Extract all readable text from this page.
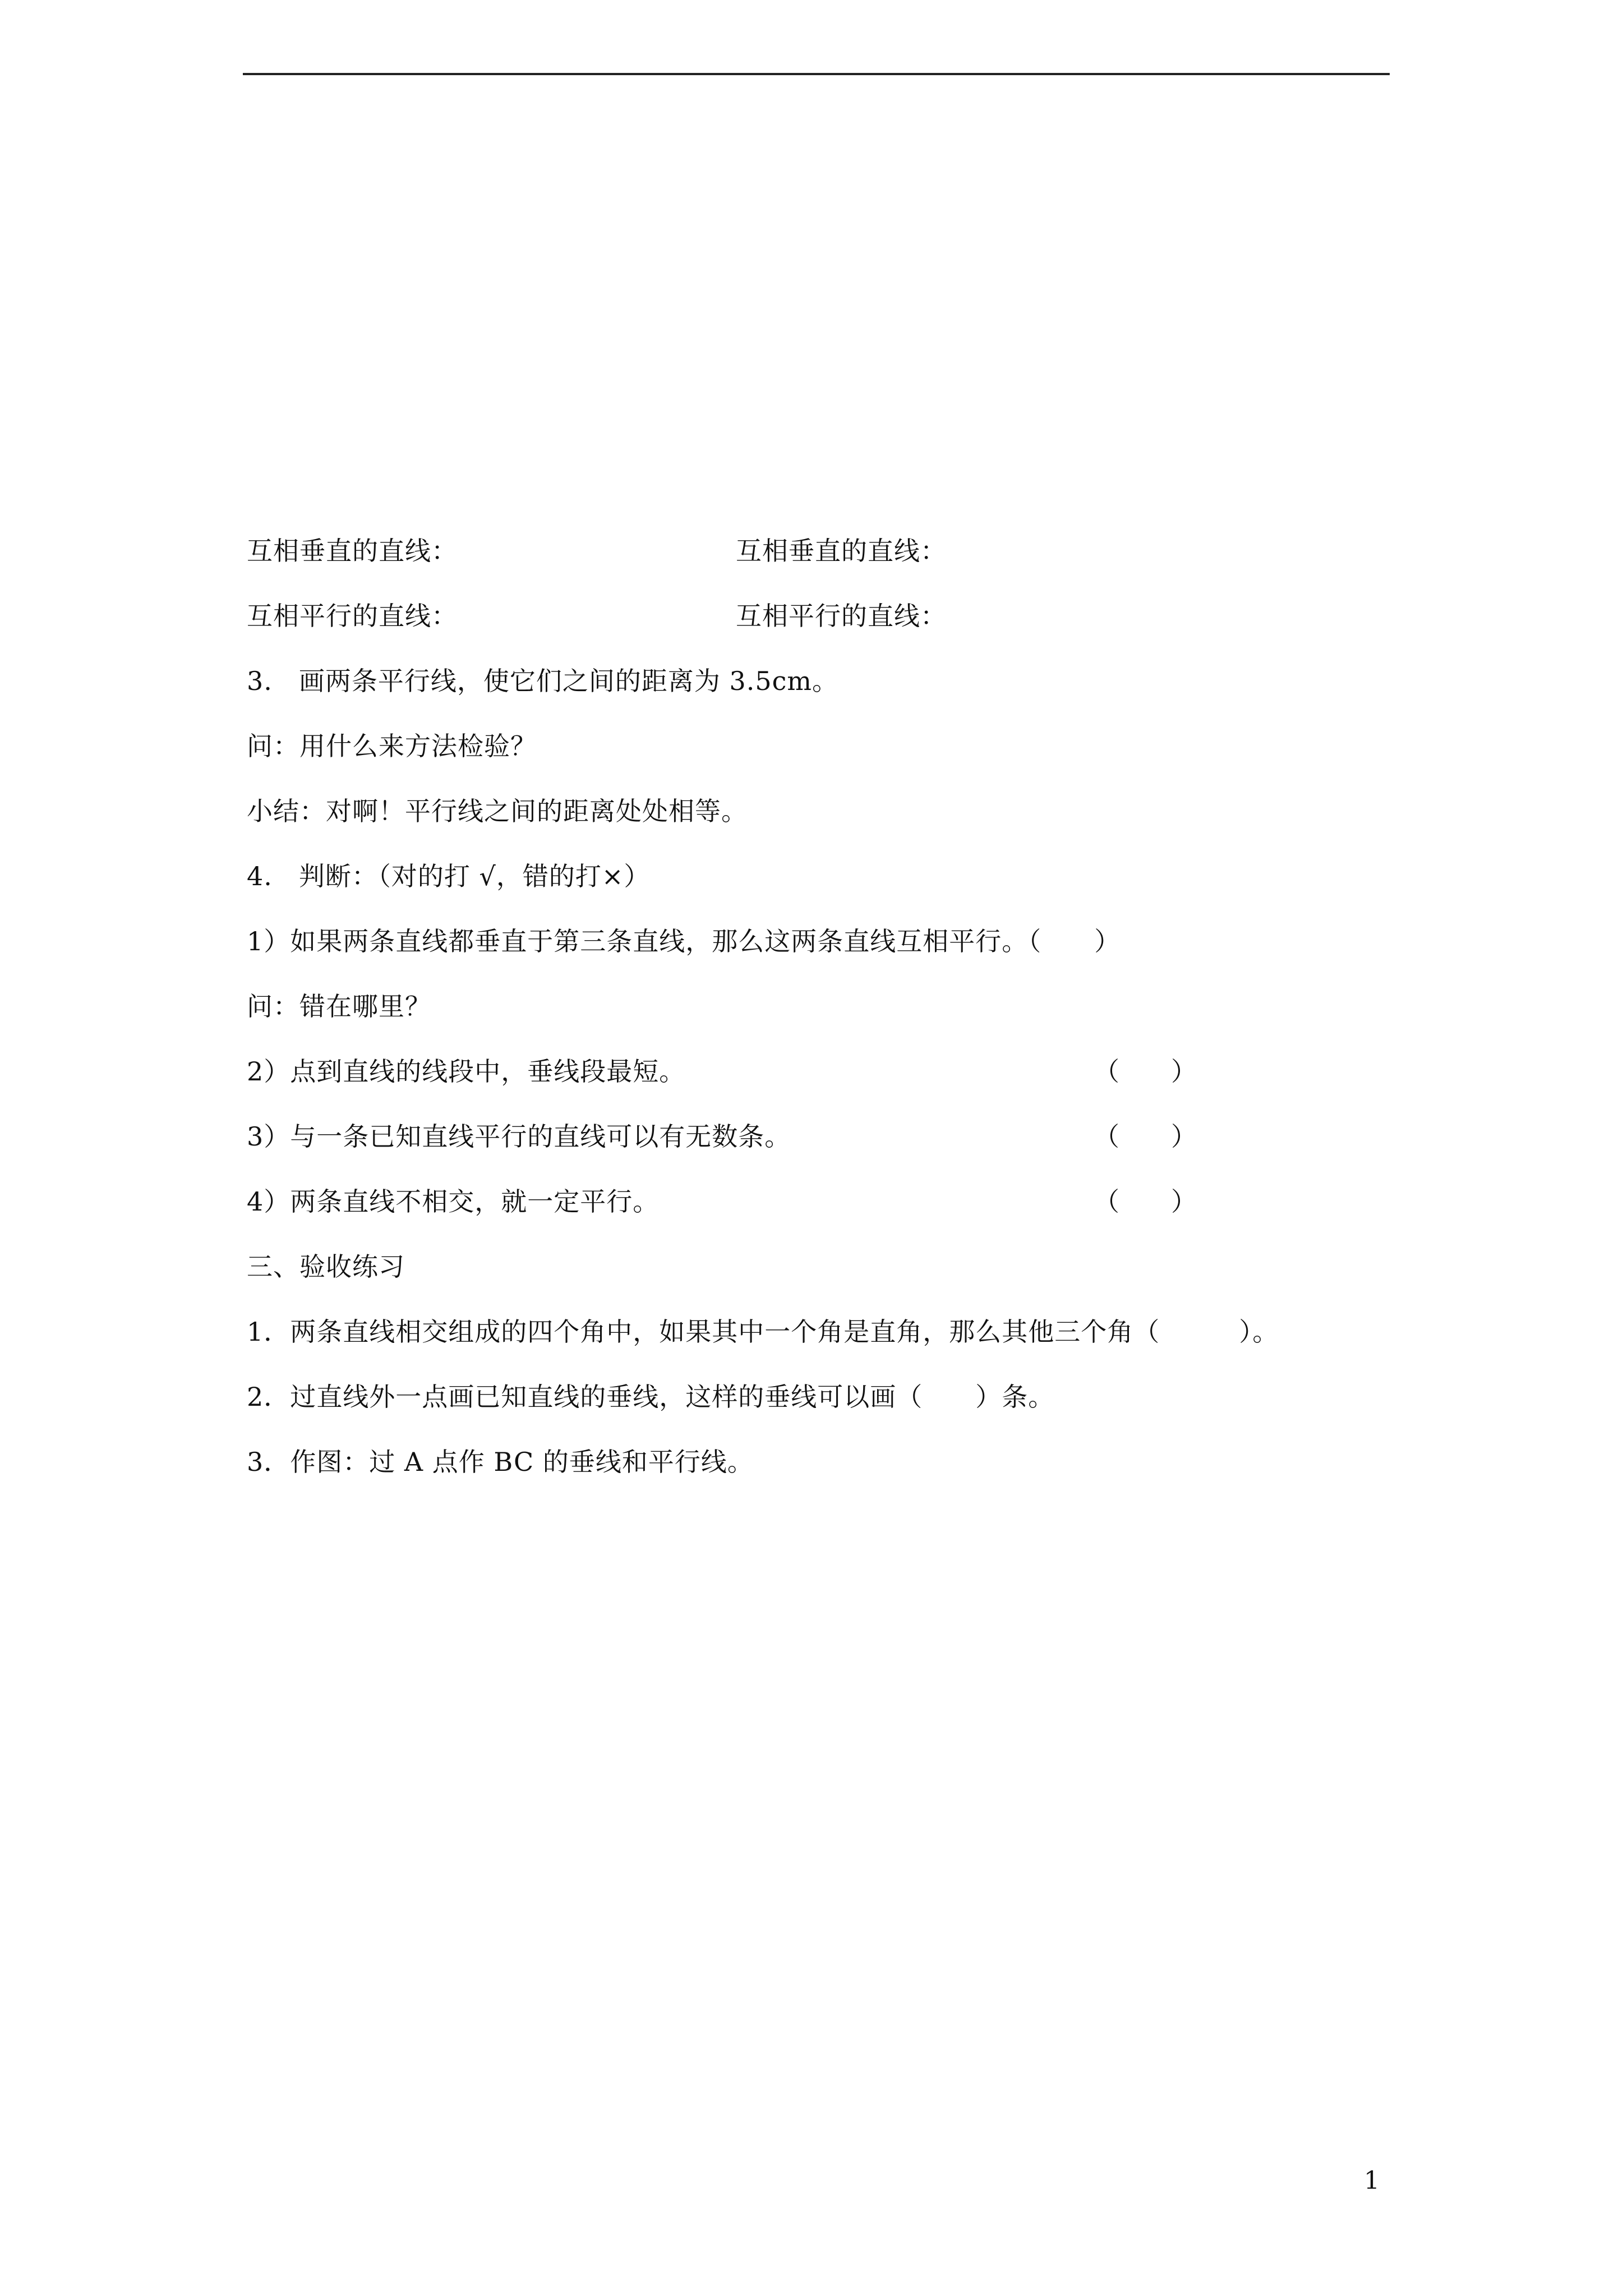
互相垂直的直线：	互相垂直的直线：
互相平行的直线：	互相平行的直线：
3.　画两条平行线，使它们之间的距离为 3.5cm。
问：用什么来方法检验？
小结：对啊！平行线之间的距离处处相等。
4.　判断：（对的打 √，错的打×）
1）如果两条直线都垂直于第三条直线，那么这两条直线互相平行。（　　）
问：错在哪里？
2）点到直线的线段中，垂线段最短。	（　　）
3）与一条已知直线平行的直线可以有无数条。	（　　）
4）两条直线不相交，就一定平行。	（　　）
三、验收练习
1．两条直线相交组成的四个角中，如果其中一个角是直角，那么其他三个角（　　　）。
2．过直线外一点画已知直线的垂线，这样的垂线可以画（　　）条。
3．作图：过 A 点作 BC 的垂线和平行线。
1
